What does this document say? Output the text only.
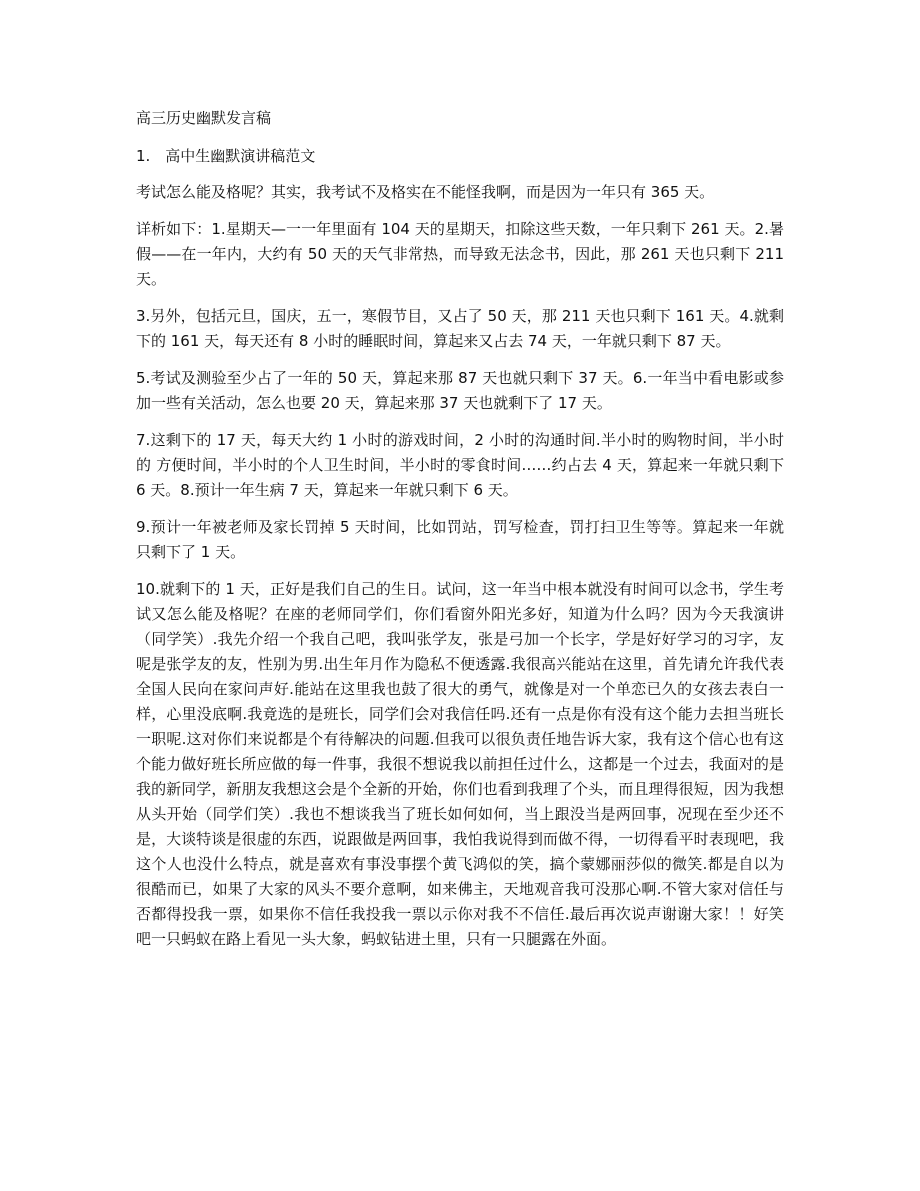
高三历史幽默发言稿
1.　高中生幽默演讲稿范文

考试怎么能及格呢？其实，我考试不及格实在不能怪我啊，而是因为一年只有 365 天。

详析如下：1.星期天—一一年里面有 104 天的星期天，扣除这些天数，一年只剩下 261 天。2.暑 假——在一年内，大约有 50 天的天气非常热，而导致无法念书，因此，那 261 天也只剩下 211 天。

3.另外，包括元旦，国庆，五一，寒假节目，又占了 50 天，那 211 天也只剩下 161 天。4.就剩下的 161 天，每天还有 8 小时的睡眠时间，算起来又占去 74 天，一年就只剩下 87 天。

5.考试及测验至少占了一年的 50 天，算起来那 87 天也就只剩下 37 天。6.一年当中看电影或参加一些有关活动，怎么也要 20 天，算起来那 37 天也就剩下了 17 天。

7.这剩下的 17 天，每天大约 1 小时的游戏时间，2 小时的沟通时间.半小时的购物时间，半小时的 方便时间，半小时的个人卫生时间，半小时的零食时间……约占去 4 天，算起来一年就只剩下 6 天。8.预计一年生病 7 天，算起来一年就只剩下 6 天。

9.预计一年被老师及家长罚掉 5 天时间，比如罚站，罚写检查，罚打扫卫生等等。算起来一年就只剩下了 1 天。

10.就剩下的 1 天，正好是我们自己的生日。试问，这一年当中根本就没有时间可以念书，学生考试又怎么能及格呢？在座的老师同学们，你们看窗外阳光多好，知道为什么吗？因为今天我演讲（同学笑）.我先介绍一个我自己吧，我叫张学友，张是弓加一个长字，学是好好学习的习字，友呢是张学友的友，性别为男.出生年月作为隐私不便透露.我很高兴能站在这里，首先请允许我代表全国人民向在家问声好.能站在这里我也鼓了很大的勇气，就像是对一个单恋已久的女孩去表白一样，心里没底啊.我竟选的是班长，同学们会对我信任吗.还有一点是你有没有这个能力去担当班长一职呢.这对你们来说都是个有待解决的问题.但我可以很负责任地告诉大家，我有这个信心也有这个能力做好班长所应做的每一件事，我很不想说我以前担任过什么，这都是一个过去，我面对的是我的新同学，新朋友我想这会是个全新的开始，你们也看到我理了个头，而且理得很短，因为我想从头开始（同学们笑）.我也不想谈我当了班长如何如何，当上跟没当是两回事，况现在至少还不是，大谈特谈是很虚的东西，说跟做是两回事，我怕我说得到而做不得，一切得看平时表现吧，我这个人也没什么特点，就是喜欢有事没事摆个黄飞鸿似的笑，搞个蒙娜丽莎似的微笑.都是自以为很酷而已，如果了大家的风头不要介意啊，如来佛主，天地观音我可没那心啊.不管大家对信任与否都得投我一票，如果你不信任我投我一票以示你对我不不信任.最后再次说声谢谢大家！！好笑吧一只蚂蚁在路上看见一头大象，蚂蚁钻进土里，只有一只腿露在外面。
